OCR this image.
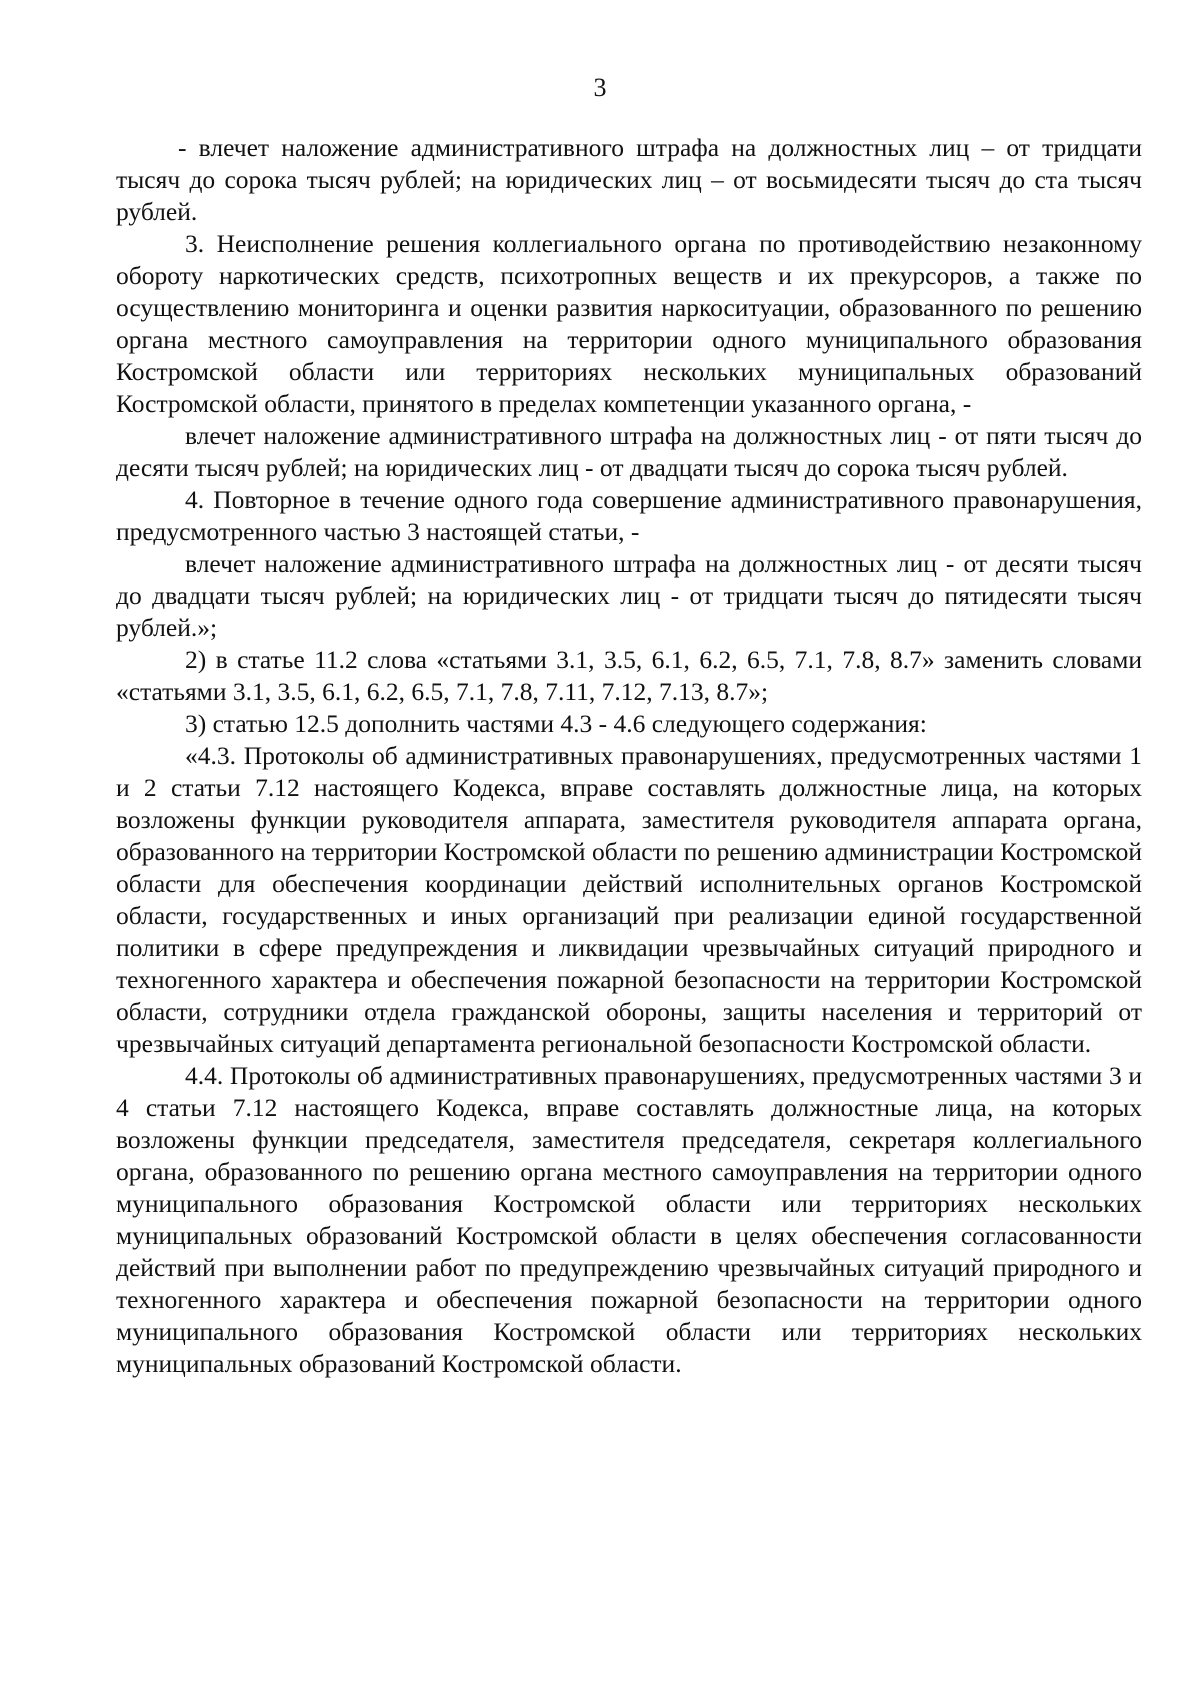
3

- влечет наложение административного штрафа на должностных лиц – от тридцати тысяч до сорока тысяч рублей; на юридических лиц – от восьмидесяти тысяч до ста тысяч рублей.

3. Неисполнение решения коллегиального органа по противодействию незаконному обороту наркотических средств, психотропных веществ и их прекурсоров, а также по осуществлению мониторинга и оценки развития наркоситуации, образованного по решению органа местного самоуправления на территории одного муниципального образования Костромской области или территориях нескольких муниципальных образований Костромской области, принятого в пределах компетенции указанного органа, -

влечет наложение административного штрафа на должностных лиц - от пяти тысяч до десяти тысяч рублей; на юридических лиц - от двадцати тысяч до сорока тысяч рублей.

4. Повторное в течение одного года совершение административного правонарушения, предусмотренного частью 3 настоящей статьи, -

влечет наложение административного штрафа на должностных лиц - от десяти тысяч до двадцати тысяч рублей; на юридических лиц - от тридцати тысяч до пятидесяти тысяч рублей.»;

2) в статье 11.2 слова «статьями 3.1, 3.5, 6.1, 6.2, 6.5, 7.1, 7.8, 8.7» заменить словами «статьями 3.1, 3.5, 6.1, 6.2, 6.5, 7.1, 7.8, 7.11, 7.12, 7.13, 8.7»;

3) статью 12.5 дополнить частями 4.3 - 4.6 следующего содержания:

«4.3. Протоколы об административных правонарушениях, предусмотренных частями 1 и 2 статьи 7.12 настоящего Кодекса, вправе составлять должностные лица, на которых возложены функции руководителя аппарата, заместителя руководителя аппарата органа, образованного на территории Костромской области по решению администрации Костромской области для обеспечения координации действий исполнительных органов Костромской области, государственных и иных организаций при реализации единой государственной политики в сфере предупреждения и ликвидации чрезвычайных ситуаций природного и техногенного характера и обеспечения пожарной безопасности на территории Костромской области, сотрудники отдела гражданской обороны, защиты населения и территорий от чрезвычайных ситуаций департамента региональной безопасности Костромской области.

4.4. Протоколы об административных правонарушениях, предусмотренных частями 3 и 4 статьи 7.12 настоящего Кодекса, вправе составлять должностные лица, на которых возложены функции председателя, заместителя председателя, секретаря коллегиального органа, образованного по решению органа местного самоуправления на территории одного муниципального образования Костромской области или территориях нескольких муниципальных образований Костромской области в целях обеспечения согласованности действий при выполнении работ по предупреждению чрезвычайных ситуаций природного и техногенного характера и обеспечения пожарной безопасности на территории одного муниципального образования Костромской области или территориях нескольких муниципальных образований Костромской области.
